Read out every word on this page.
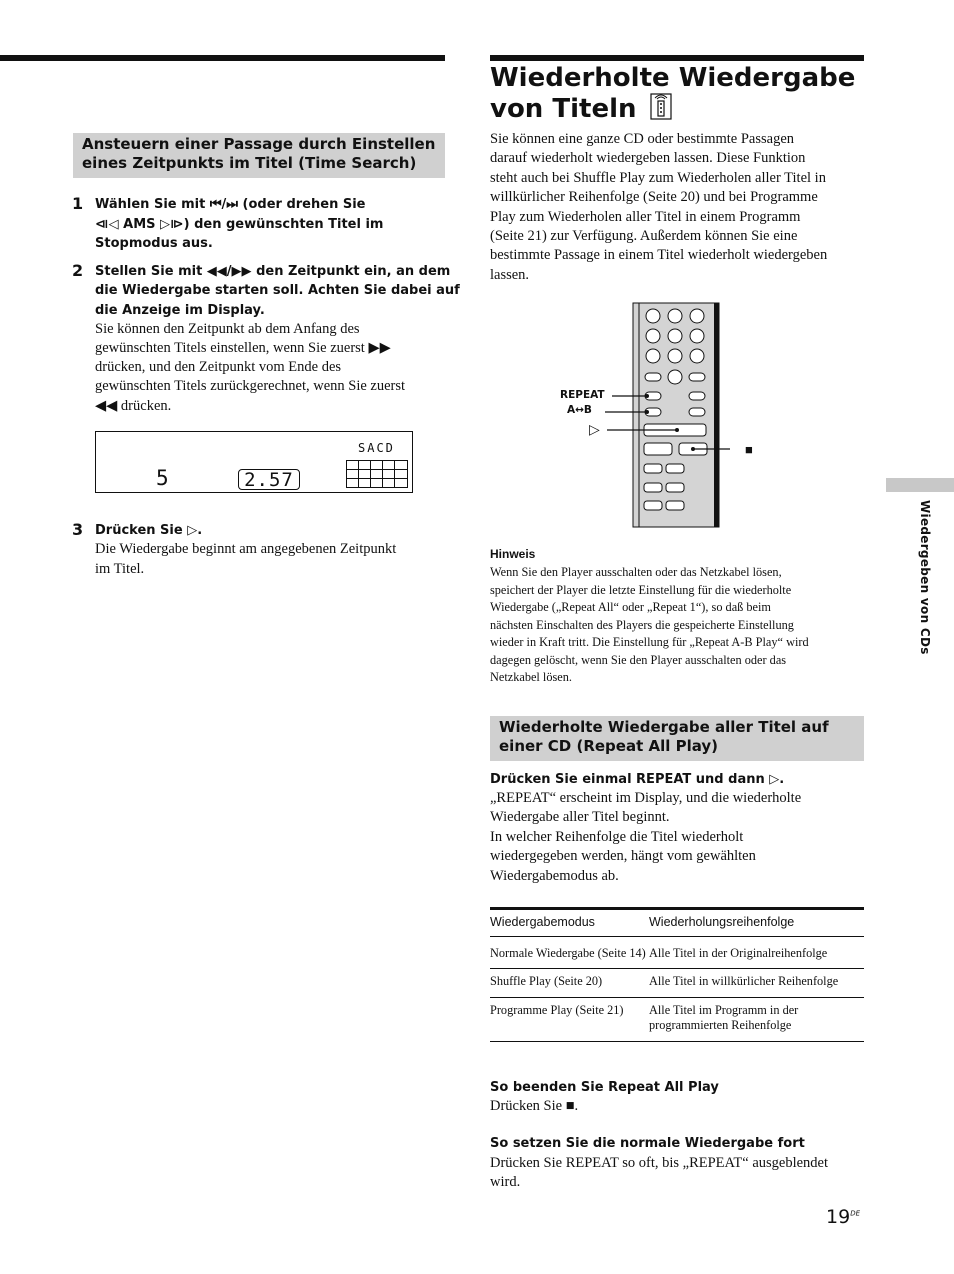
Ansteuern einer Passage durch Einstellen eines Zeitpunkts im Titel (Time Search)
1 Wählen Sie mit ⏮/⏭ (oder drehen Sie
⧏◁ AMS ▷⧐) den gewünschten Titel im
Stopmodus aus.
2 Stellen Sie mit ◀◀/▶▶ den Zeitpunkt ein, an dem
die Wiedergabe starten soll. Achten Sie dabei auf
die Anzeige im Display.
Sie können den Zeitpunkt ab dem Anfang des
gewünschten Titels einstellen, wenn Sie zuerst ▶▶
drücken, und den Zeitpunkt vom Ende des
gewünschten Titels zurückgerechnet, wenn Sie zuerst
◀◀ drücken.
SACD
5	2.57
3 Drücken Sie ▷.
Die Wiedergabe beginnt am angegebenen Zeitpunkt
im Titel.
Wiederholte Wiedergabe
von Titeln
Sie können eine ganze CD oder bestimmte Passagen
darauf wiederholt wiedergeben lassen. Diese Funktion
steht auch bei Shuffle Play zum Wiederholen aller Titel in
willkürlicher Reihenfolge (Seite 20) und bei Programme
Play zum Wiederholen aller Titel in einem Programm
(Seite 21) zur Verfügung. Außerdem können Sie eine
bestimmte Passage in einem Titel wiederholt wiedergeben
lassen.
REPEAT
A↔B
▷
■
Hinweis
Wenn Sie den Player ausschalten oder das Netzkabel lösen,
speichert der Player die letzte Einstellung für die wiederholte
Wiedergabe („Repeat All“ oder „Repeat 1“), so daß beim
nächsten Einschalten des Players die gespeicherte Einstellung
wieder in Kraft tritt. Die Einstellung für „Repeat A-B Play“ wird
dagegen gelöscht, wenn Sie den Player ausschalten oder das
Netzkabel lösen.
Wiederholte Wiedergabe aller Titel auf einer CD (Repeat All Play)
Drücken Sie einmal REPEAT und dann ▷.
„REPEAT“ erscheint im Display, und die wiederholte
Wiedergabe aller Titel beginnt.
In welcher Reihenfolge die Titel wiederholt
wiedergegeben werden, hängt vom gewählten
Wiedergabemodus ab.
Wiedergabemodus	Wiederholungsreihenfolge
Normale Wiedergabe (Seite 14)	Alle Titel in der Originalreihenfolge
Shuffle Play (Seite 20)	Alle Titel in willkürlicher Reihenfolge
Programme Play (Seite 21)	Alle Titel im Programm in der programmierten Reihenfolge
So beenden Sie Repeat All Play
Drücken Sie ■.
So setzen Sie die normale Wiedergabe fort
Drücken Sie REPEAT so oft, bis „REPEAT“ ausgeblendet
wird.
Wiedergeben von CDs
19DE
